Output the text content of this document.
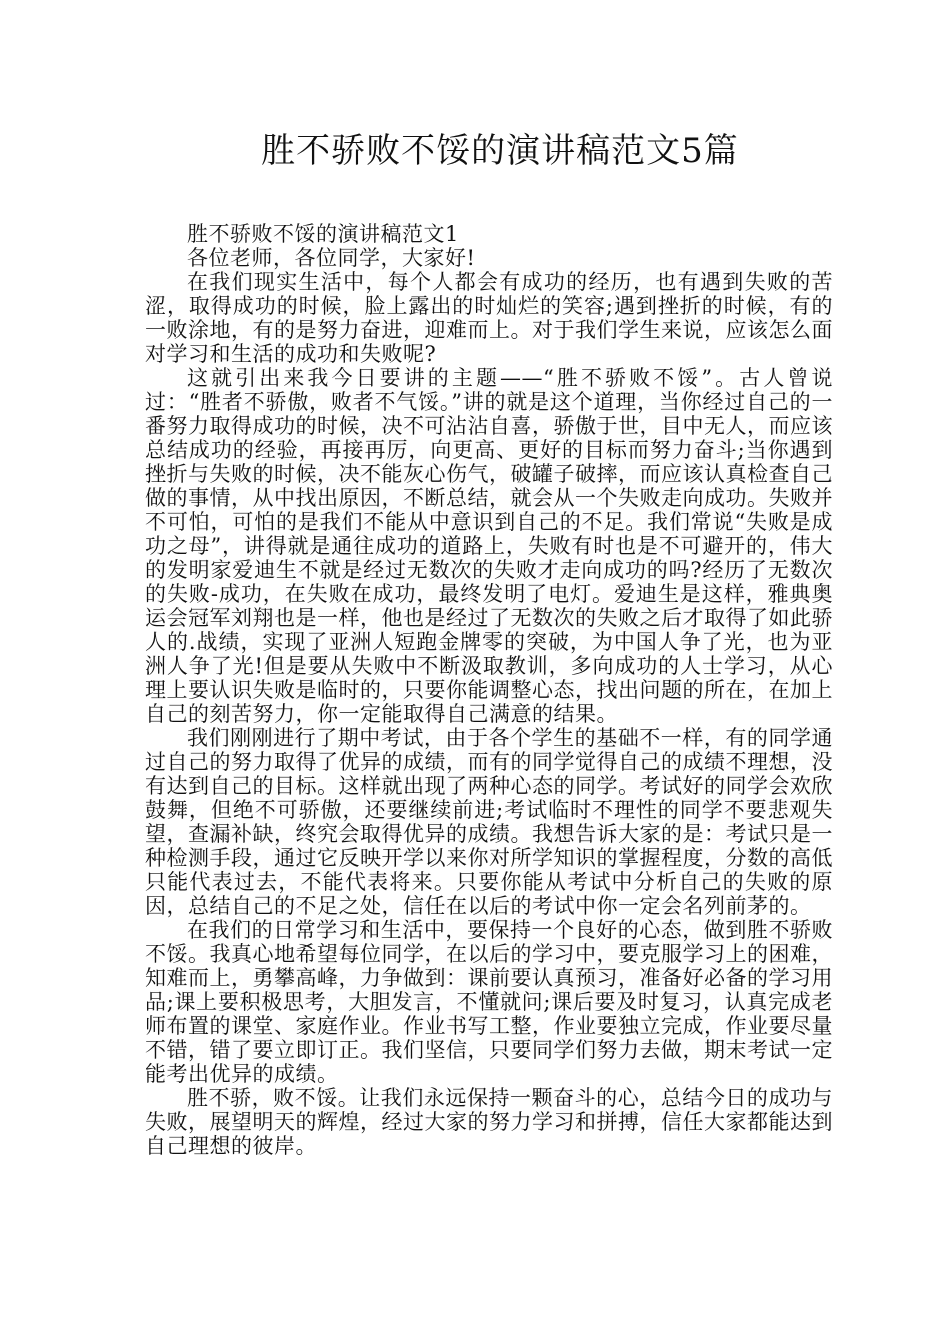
胜不骄败不馁的演讲稿范文5篇

胜不骄败不馁的演讲稿范文1

各位老师，各位同学，大家好!

在我们现实生活中，每个人都会有成功的经历，也有遇到失败的苦涩，取得成功的时候，脸上露出的时灿烂的笑容;遇到挫折的时候，有的一败涂地，有的是努力奋进，迎难而上。对于我们学生来说，应该怎么面对学习和生活的成功和失败呢?

这就引出来我今日要讲的主题——“胜不骄败不馁”。古人曾说过：“胜者不骄傲，败者不气馁。”讲的就是这个道理，当你经过自己的一番努力取得成功的时候，决不可沾沾自喜，骄傲于世，目中无人，而应该总结成功的经验，再接再厉，向更高、更好的目标而努力奋斗;当你遇到挫折与失败的时候，决不能灰心伤气，破罐子破摔，而应该认真检查自己做的事情，从中找出原因，不断总结，就会从一个失败走向成功。失败并不可怕，可怕的是我们不能从中意识到自己的不足。我们常说“失败是成功之母”，讲得就是通往成功的道路上，失败有时也是不可避开的，伟大的发明家爱迪生不就是经过无数次的失败才走向成功的吗?经历了无数次的失败-成功，在失败在成功，最终发明了电灯。爱迪生是这样，雅典奥运会冠军刘翔也是一样，他也是经过了无数次的失败之后才取得了如此骄人的.战绩，实现了亚洲人短跑金牌零的突破，为中国人争了光，也为亚洲人争了光!但是要从失败中不断汲取教训，多向成功的人士学习，从心理上要认识失败是临时的，只要你能调整心态，找出问题的所在，在加上自己的刻苦努力，你一定能取得自己满意的结果。

我们刚刚进行了期中考试，由于各个学生的基础不一样，有的同学通过自己的努力取得了优异的成绩，而有的同学觉得自己的成绩不理想，没有达到自己的目标。这样就出现了两种心态的同学。考试好的同学会欢欣鼓舞，但绝不可骄傲，还要继续前进;考试临时不理性的同学不要悲观失望，查漏补缺，终究会取得优异的成绩。我想告诉大家的是：考试只是一种检测手段，通过它反映开学以来你对所学知识的掌握程度，分数的高低只能代表过去，不能代表将来。只要你能从考试中分析自己的失败的原因，总结自己的不足之处，信任在以后的考试中你一定会名列前茅的。

在我们的日常学习和生活中，要保持一个良好的心态，做到胜不骄败不馁。我真心地希望每位同学，在以后的学习中，要克服学习上的困难，知难而上，勇攀高峰，力争做到：课前要认真预习，准备好必备的学习用品;课上要积极思考，大胆发言，不懂就问;课后要及时复习，认真完成老师布置的课堂、家庭作业。作业书写工整，作业要独立完成，作业要尽量不错，错了要立即订正。我们坚信，只要同学们努力去做，期末考试一定能考出优异的成绩。

胜不骄，败不馁。让我们永远保持一颗奋斗的心，总结今日的成功与失败，展望明天的辉煌，经过大家的努力学习和拼搏，信任大家都能达到自己理想的彼岸。
